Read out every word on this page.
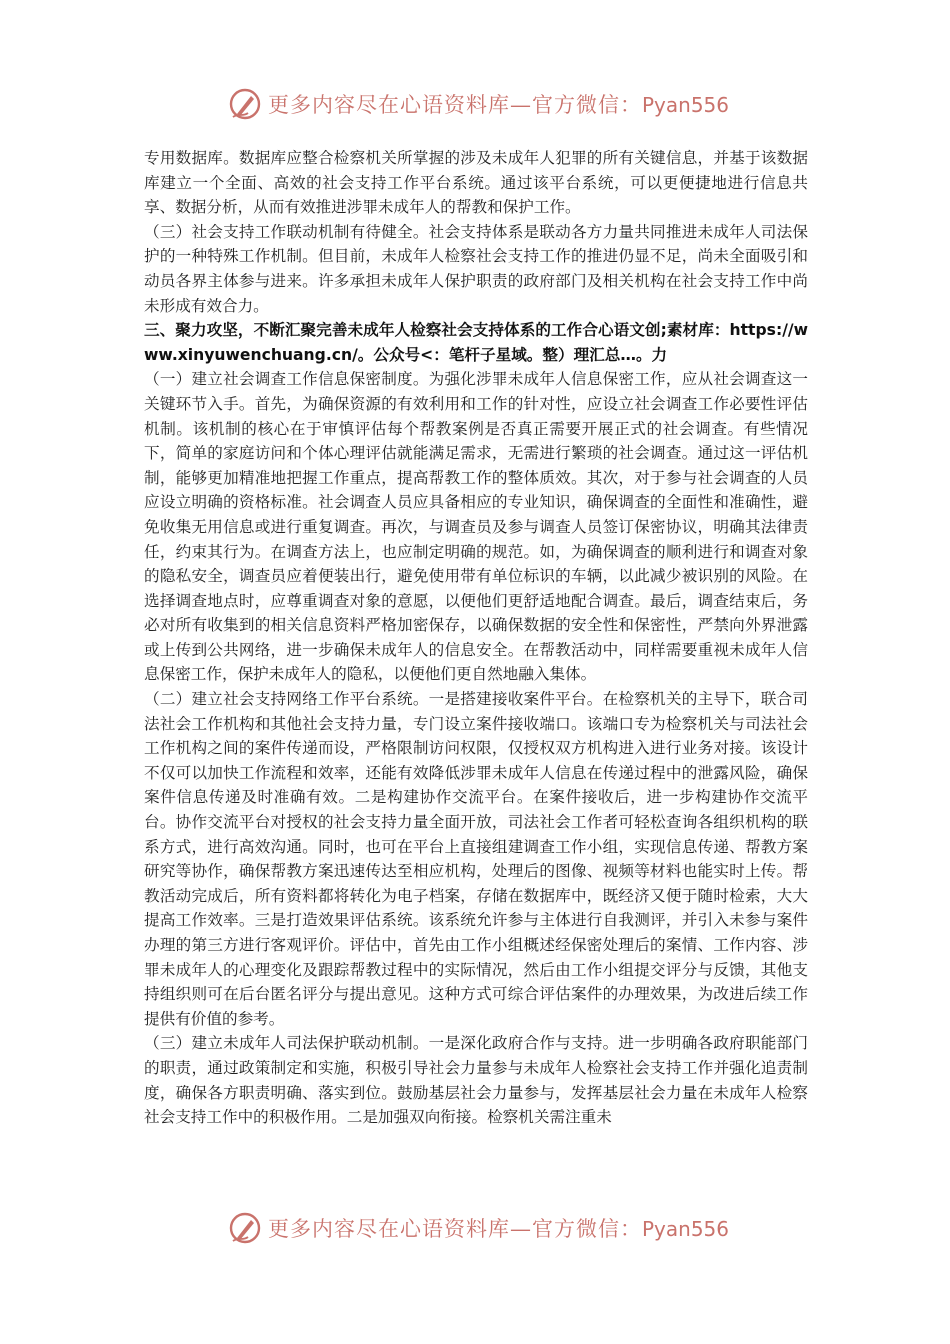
更多内容尽在心语资料库—官方微信：Pyan556

专用数据库。数据库应整合检察机关所掌握的涉及未成年人犯罪的所有关键信息，并基于该数据库建立一个全面、高效的社会支持工作平台系统。通过该平台系统，可以更便捷地进行信息共享、数据分析，从而有效推进涉罪未成年人的帮教和保护工作。

（三）社会支持工作联动机制有待健全。社会支持体系是联动各方力量共同推进未成年人司法保护的一种特殊工作机制。但目前，未成年人检察社会支持工作的推进仍显不足，尚未全面吸引和动员各界主体参与进来。许多承担未成年人保护职责的政府部门及相关机构在社会支持工作中尚未形成有效合力。

三、聚力攻坚，不断汇聚完善未成年人检察社会支持体系的工作合心语文创;素材库：https://www.xinyuwenchuang.cn/。公众号<：笔杆子星域。整）理汇总…。力

（一）建立社会调查工作信息保密制度。为强化涉罪未成年人信息保密工作，应从社会调查这一关键环节入手。首先，为确保资源的有效利用和工作的针对性，应设立社会调查工作必要性评估机制。该机制的核心在于审慎评估每个帮教案例是否真正需要开展正式的社会调查。有些情况下，简单的家庭访问和个体心理评估就能满足需求，无需进行繁琐的社会调查。通过这一评估机制，能够更加精准地把握工作重点，提高帮教工作的整体质效。其次，对于参与社会调查的人员应设立明确的资格标准。社会调查人员应具备相应的专业知识，确保调查的全面性和准确性，避免收集无用信息或进行重复调查。再次，与调查员及参与调查人员签订保密协议，明确其法律责任，约束其行为。在调查方法上，也应制定明确的规范。如，为确保调查的顺利进行和调查对象的隐私安全，调查员应着便装出行，避免使用带有单位标识的车辆，以此减少被识别的风险。在选择调查地点时，应尊重调查对象的意愿，以便他们更舒适地配合调查。最后，调查结束后，务必对所有收集到的相关信息资料严格加密保存，以确保数据的安全性和保密性，严禁向外界泄露或上传到公共网络，进一步确保未成年人的信息安全。在帮教活动中，同样需要重视未成年人信息保密工作，保护未成年人的隐私，以便他们更自然地融入集体。

（二）建立社会支持网络工作平台系统。一是搭建接收案件平台。在检察机关的主导下，联合司法社会工作机构和其他社会支持力量，专门设立案件接收端口。该端口专为检察机关与司法社会工作机构之间的案件传递而设，严格限制访问权限，仅授权双方机构进入进行业务对接。该设计不仅可以加快工作流程和效率，还能有效降低涉罪未成年人信息在传递过程中的泄露风险，确保案件信息传递及时准确有效。二是构建协作交流平台。在案件接收后，进一步构建协作交流平台。协作交流平台对授权的社会支持力量全面开放，司法社会工作者可轻松查询各组织机构的联系方式，进行高效沟通。同时，也可在平台上直接组建调查工作小组，实现信息传递、帮教方案研究等协作，确保帮教方案迅速传达至相应机构，处理后的图像、视频等材料也能实时上传。帮教活动完成后，所有资料都将转化为电子档案，存储在数据库中，既经济又便于随时检索，大大提高工作效率。三是打造效果评估系统。该系统允许参与主体进行自我测评，并引入未参与案件办理的第三方进行客观评价。评估中，首先由工作小组概述经保密处理后的案情、工作内容、涉罪未成年人的心理变化及跟踪帮教过程中的实际情况，然后由工作小组提交评分与反馈，其他支持组织则可在后台匿名评分与提出意见。这种方式可综合评估案件的办理效果，为改进后续工作提供有价值的参考。

（三）建立未成年人司法保护联动机制。一是深化政府合作与支持。进一步明确各政府职能部门的职责，通过政策制定和实施，积极引导社会力量参与未成年人检察社会支持工作并强化追责制度，确保各方职责明确、落实到位。鼓励基层社会力量参与，发挥基层社会力量在未成年人检察社会支持工作中的积极作用。二是加强双向衔接。检察机关需注重未

更多内容尽在心语资料库—官方微信：Pyan556
